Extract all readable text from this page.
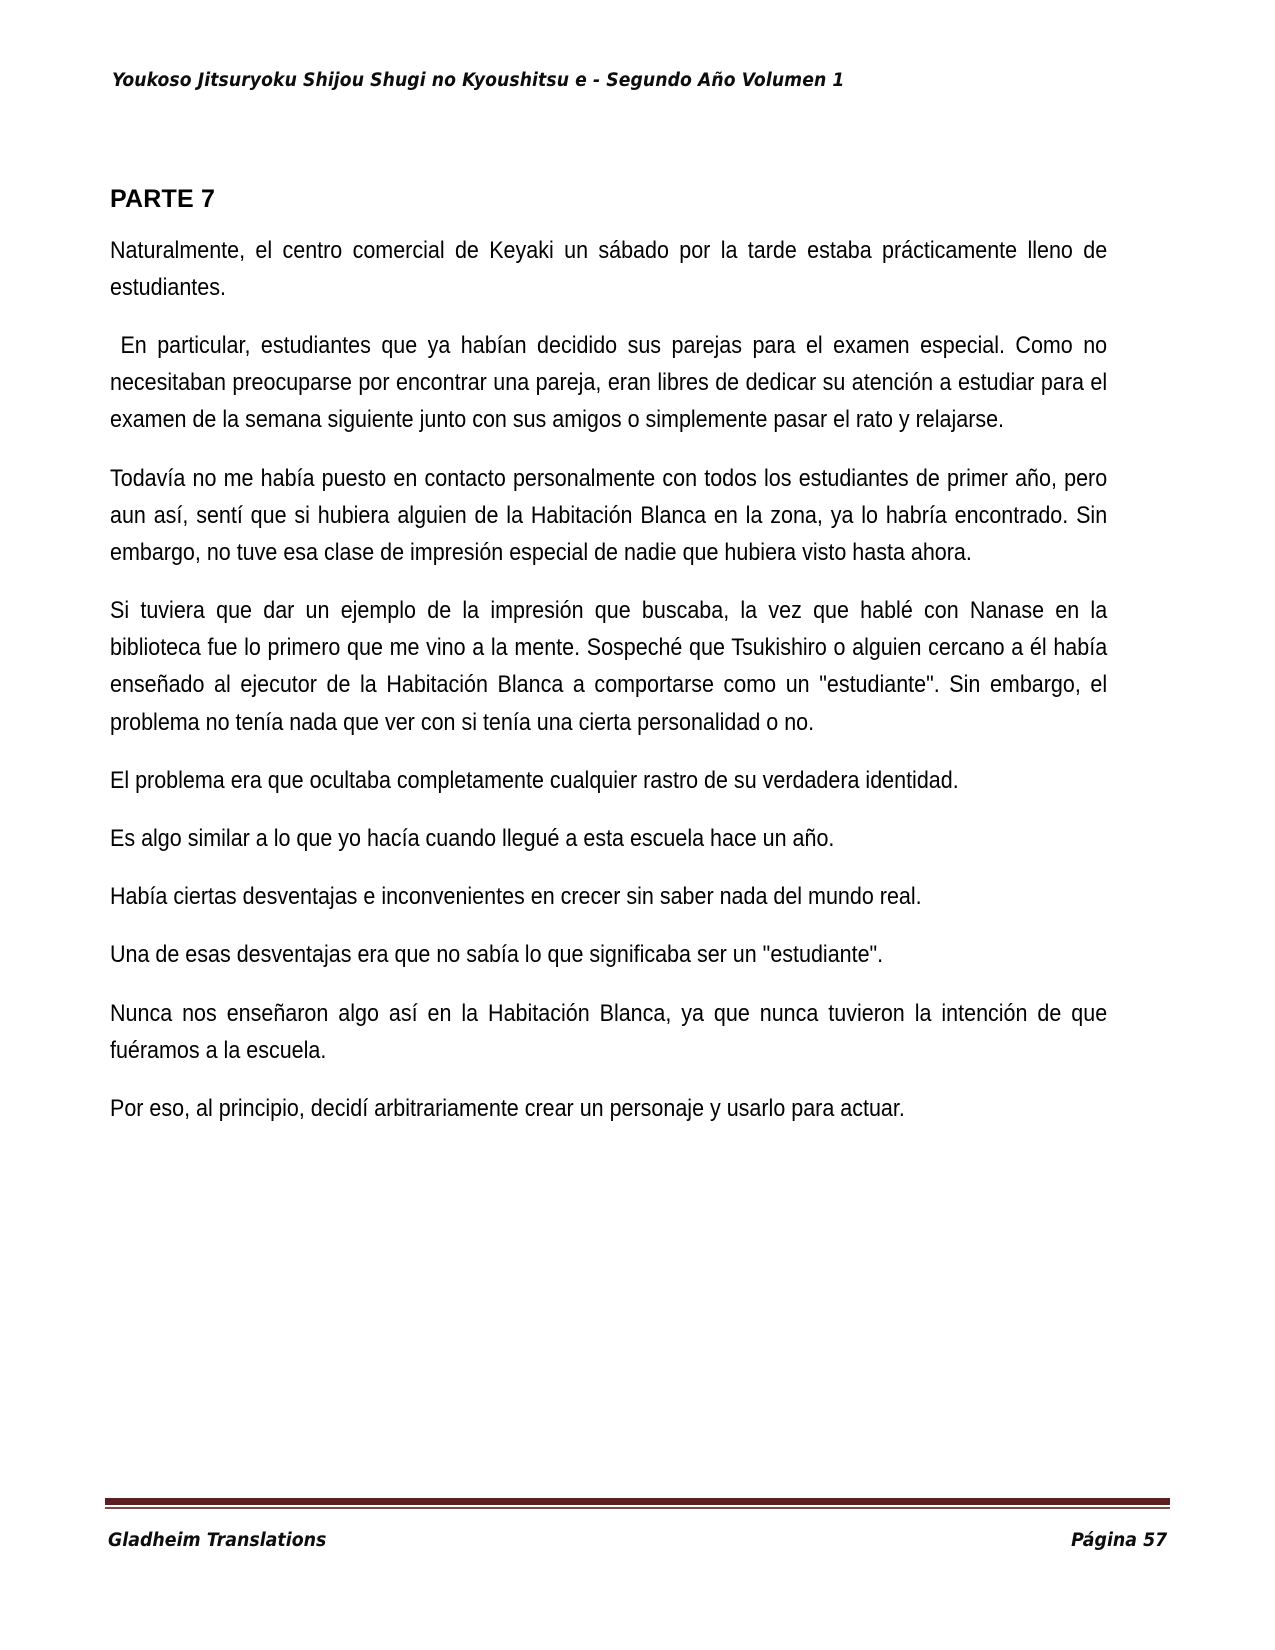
Youkoso Jitsuryoku Shijou Shugi no Kyoushitsu e - Segundo Año Volumen 1
PARTE 7

Naturalmente, el centro comercial de Keyaki un sábado por la tarde estaba prácticamente lleno de estudiantes.

En particular, estudiantes que ya habían decidido sus parejas para el examen especial. Como no necesitaban preocuparse por encontrar una pareja, eran libres de dedicar su atención a estudiar para el examen de la semana siguiente junto con sus amigos o simplemente pasar el rato y relajarse.

Todavía no me había puesto en contacto personalmente con todos los estudiantes de primer año, pero aun así, sentí que si hubiera alguien de la Habitación Blanca en la zona, ya lo habría encontrado. Sin embargo, no tuve esa clase de impresión especial de nadie que hubiera visto hasta ahora.

Si tuviera que dar un ejemplo de la impresión que buscaba, la vez que hablé con Nanase en la biblioteca fue lo primero que me vino a la mente. Sospeché que Tsukishiro o alguien cercano a él había enseñado al ejecutor de la Habitación Blanca a comportarse como un "estudiante". Sin embargo, el problema no tenía nada que ver con si tenía una cierta personalidad o no.

El problema era que ocultaba completamente cualquier rastro de su verdadera identidad.

Es algo similar a lo que yo hacía cuando llegué a esta escuela hace un año.

Había ciertas desventajas e inconvenientes en crecer sin saber nada del mundo real.

Una de esas desventajas era que no sabía lo que significaba ser un "estudiante".

Nunca nos enseñaron algo así en la Habitación Blanca, ya que nunca tuvieron la intención de que fuéramos a la escuela.

Por eso, al principio, decidí arbitrariamente crear un personaje y usarlo para actuar.

Gladheim Translations	Página 57
